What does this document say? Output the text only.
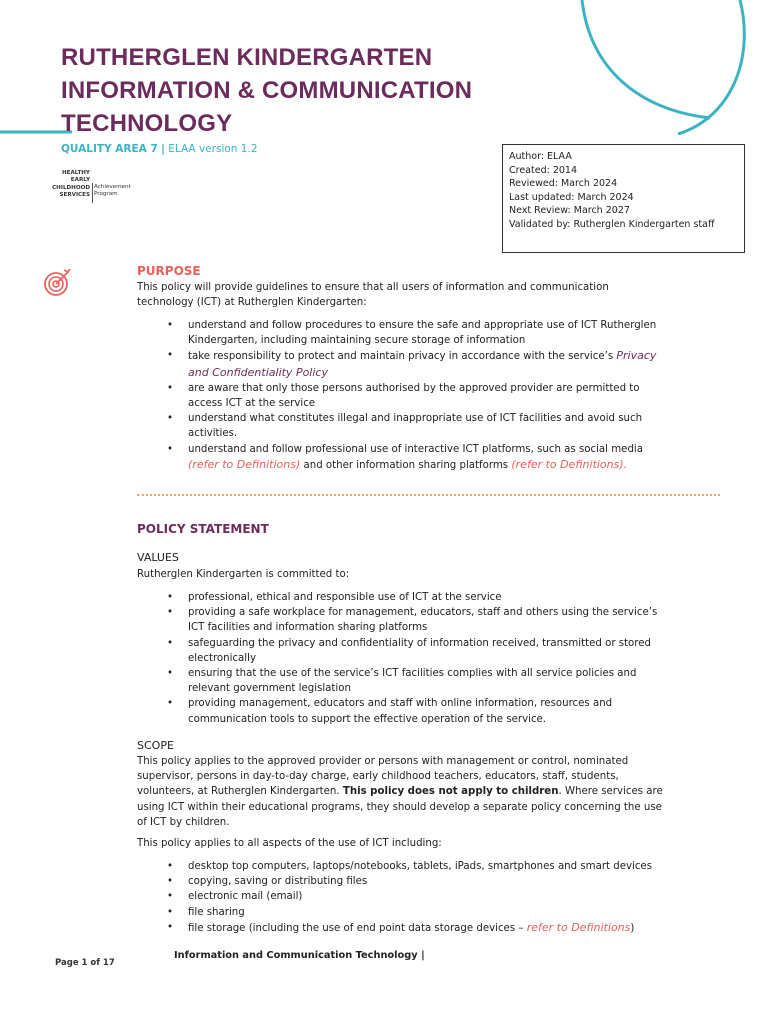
RUTHERGLEN KINDERGARTEN
INFORMATION & COMMUNICATION
TECHNOLOGY
QUALITY AREA 7 | ELAA version 1.2
HEALTHY
EARLY
CHILDHOOD
SERVICES
Achievement
Program
Author: ELAA
Created: 2014
Reviewed: March 2024
Last updated: March 2024
Next Review: March 2027
Validated by: Rutherglen Kindergarten staff
PURPOSE
This policy will provide guidelines to ensure that all users of information and communication
technology (ICT) at Rutherglen Kindergarten:
• understand and follow procedures to ensure the safe and appropriate use of ICT Rutherglen
Kindergarten, including maintaining secure storage of information
• take responsibility to protect and maintain privacy in accordance with the service’s Privacy
and Confidentiality Policy
• are aware that only those persons authorised by the approved provider are permitted to
access ICT at the service
• understand what constitutes illegal and inappropriate use of ICT facilities and avoid such
activities.
• understand and follow professional use of interactive ICT platforms, such as social media
(refer to Definitions) and other information sharing platforms (refer to Definitions).
POLICY STATEMENT
VALUES
Rutherglen Kindergarten is committed to:
• professional, ethical and responsible use of ICT at the service
• providing a safe workplace for management, educators, staff and others using the service’s
ICT facilities and information sharing platforms
• safeguarding the privacy and confidentiality of information received, transmitted or stored
electronically
• ensuring that the use of the service’s ICT facilities complies with all service policies and
relevant government legislation
• providing management, educators and staff with online information, resources and
communication tools to support the effective operation of the service.
SCOPE
This policy applies to the approved provider or persons with management or control, nominated
supervisor, persons in day-to-day charge, early childhood teachers, educators, staff, students,
volunteers, at Rutherglen Kindergarten. This policy does not apply to children. Where services are
using ICT within their educational programs, they should develop a separate policy concerning the use
of ICT by children.
This policy applies to all aspects of the use of ICT including:
• desktop top computers, laptops/notebooks, tablets, iPads, smartphones and smart devices
• copying, saving or distributing files
• electronic mail (email)
• file sharing
• file storage (including the use of end point data storage devices – refer to Definitions)
Page 1 of 17
Information and Communication Technology |
